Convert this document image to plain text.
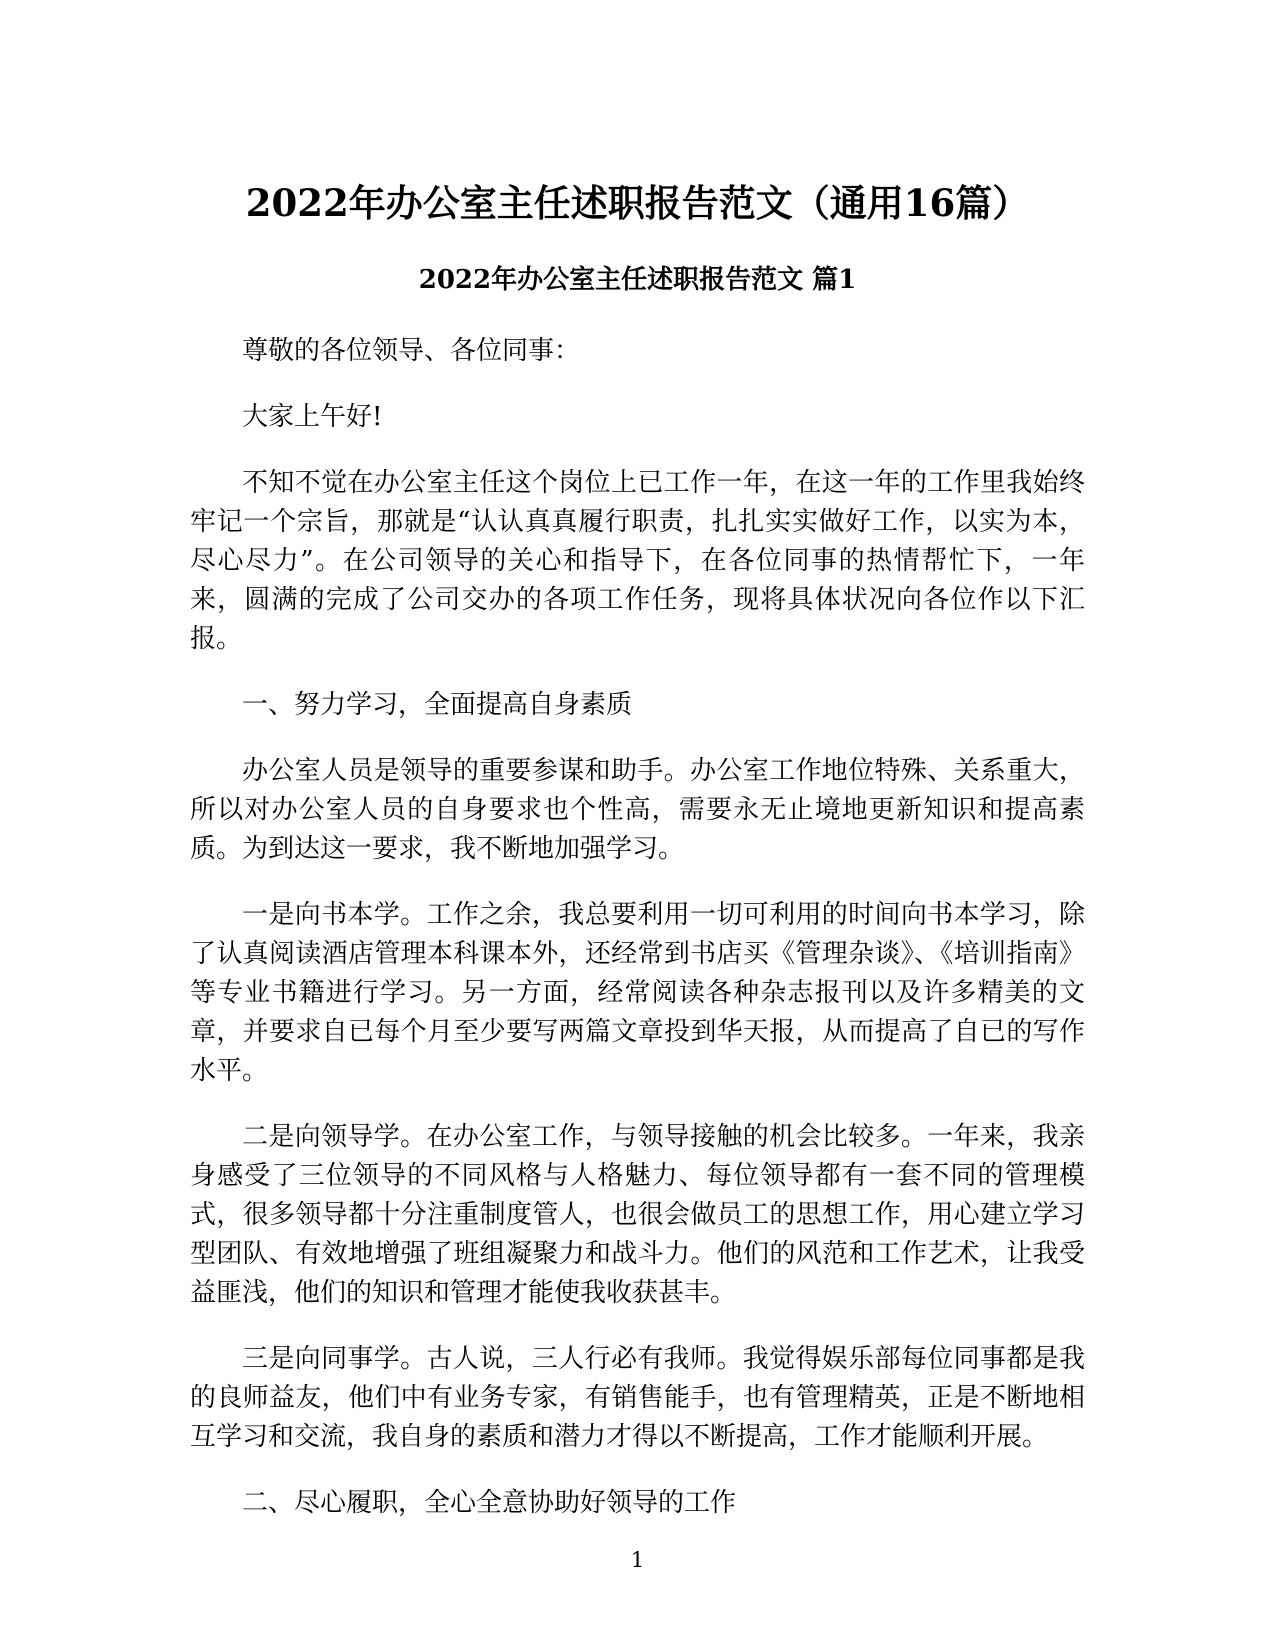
2022年办公室主任述职报告范文（通用16篇）
2022年办公室主任述职报告范文 篇1

尊敬的各位领导、各位同事：

大家上午好!

不知不觉在办公室主任这个岗位上已工作一年，在这一年的工作里我始终牢记一个宗旨，那就是“认认真真履行职责，扎扎实实做好工作，以实为本，尽心尽力”。在公司领导的关心和指导下，在各位同事的热情帮忙下，一年来，圆满的完成了公司交办的各项工作任务，现将具体状况向各位作以下汇报。

一、努力学习，全面提高自身素质

办公室人员是领导的重要参谋和助手。办公室工作地位特殊、关系重大，所以对办公室人员的自身要求也个性高，需要永无止境地更新知识和提高素质。为到达这一要求，我不断地加强学习。

一是向书本学。工作之余，我总要利用一切可利用的时间向书本学习，除了认真阅读酒店管理本科课本外，还经常到书店买《管理杂谈》、《培训指南》等专业书籍进行学习。另一方面，经常阅读各种杂志报刊以及许多精美的文章，并要求自已每个月至少要写两篇文章投到华天报，从而提高了自已的写作水平。

二是向领导学。在办公室工作，与领导接触的机会比较多。一年来，我亲身感受了三位领导的不同风格与人格魅力、每位领导都有一套不同的管理模式，很多领导都十分注重制度管人，也很会做员工的思想工作，用心建立学习型团队、有效地增强了班组凝聚力和战斗力。他们的风范和工作艺术，让我受益匪浅，他们的知识和管理才能使我收获甚丰。

三是向同事学。古人说，三人行必有我师。我觉得娱乐部每位同事都是我的良师益友，他们中有业务专家，有销售能手，也有管理精英，正是不断地相互学习和交流，我自身的素质和潜力才得以不断提高，工作才能顺利开展。

二、尽心履职，全心全意协助好领导的工作

1
